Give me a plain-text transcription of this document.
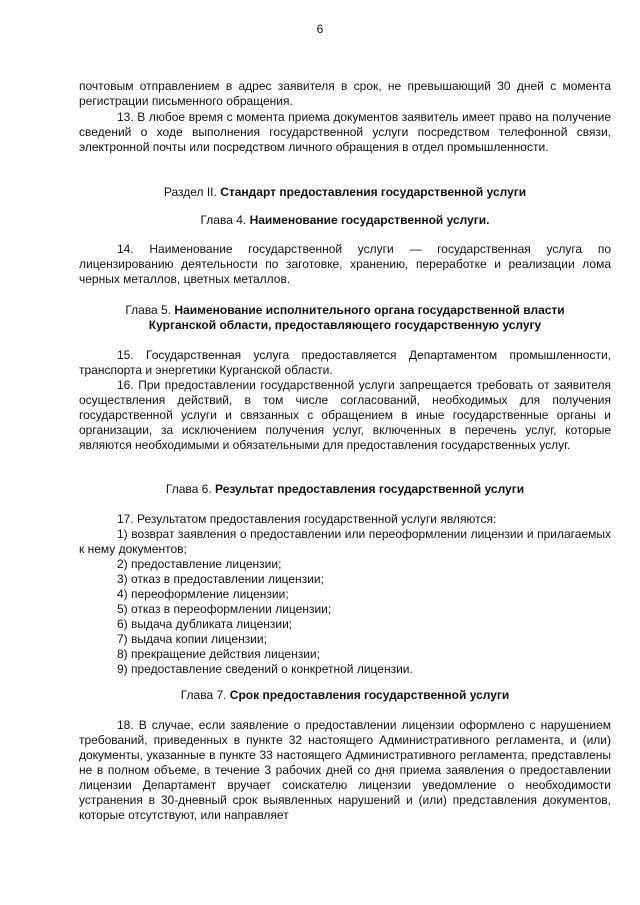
6
почтовым отправлением в адрес заявителя в срок, не превышающий 30 дней с момента регистрации письменного обращения.
13. В любое время с момента приема документов заявитель имеет право на получение сведений о ходе выполнения государственной услуги посредством телефонной связи, электронной почты или посредством личного обращения в отдел промышленности.
Раздел II. Стандарт предоставления государственной услуги
Глава 4. Наименование государственной услуги.
14. Наименование государственной услуги — государственная услуга по лицензированию деятельности по заготовке, хранению, переработке и реализации лома черных металлов, цветных металлов.
Глава 5. Наименование исполнительного органа государственной власти
Курганской области, предоставляющего государственную услугу
15. Государственная услуга предоставляется Департаментом промышленности, транспорта и энергетики Курганской области.
16. При предоставлении государственной услуги запрещается требовать от заявителя осуществления действий, в том числе согласований, необходимых для получения государственной услуги и связанных с обращением в иные государственные органы и организации, за исключением получения услуг, включенных в перечень услуг, которые являются необходимыми и обязательными для предоставления государственных услуг.
Глава 6. Результат предоставления государственной услуги
17. Результатом предоставления государственной услуги являются:
1) возврат заявления о предоставлении или переоформлении лицензии и прилагаемых к нему документов;
2) предоставление лицензии;
3) отказ в предоставлении лицензии;
4) переоформление лицензии;
5) отказ в переоформлении лицензии;
6) выдача дубликата лицензии;
7) выдача копии лицензии;
8) прекращение действия лицензии;
9) предоставление сведений о конкретной лицензии.
Глава 7. Срок предоставления государственной услуги
18. В случае, если заявление о предоставлении лицензии оформлено с нарушением требований, приведенных в пункте 32 настоящего Административного регламента, и (или) документы, указанные в пункте 33 настоящего Административного регламента, представлены не в полном объеме, в течение 3 рабочих дней со дня приема заявления о предоставлении лицензии Департамент вручает соискателю лицензии уведомление о необходимости устранения в 30-дневный срок выявленных нарушений и (или) представления документов, которые отсутствуют, или направляет
